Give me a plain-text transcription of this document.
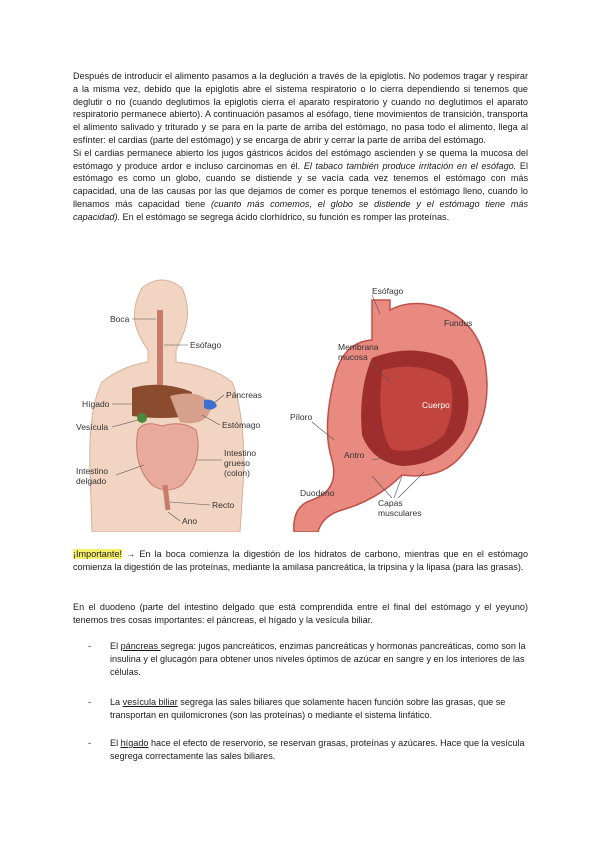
Después de introducir el alimento pasamos a la deglución a través de la epiglotis. No podemos tragar y respirar a la misma vez, debido que la epiglotis abre el sistema respiratorio o lo cierra dependiendo si tenemos que deglutir o no (cuando deglutimos la epiglotis cierra el aparato respiratorio y cuando no deglutimos el aparato respiratorio permanece abierto). A continuación pasamos al esófago, tiene movimientos de transición, transporta el alimento salivado y triturado y se para en la parte de arriba del estómago, no pasa todo el alimento, llega al esfínter: el cardias (parte del estómago) y se encarga de abrir y cerrar la parte de arriba del estómago.
Si el cardias permanece abierto los jugos gástricos ácidos del estómago ascienden y se quema la mucosa del estómago y produce ardor e incluso carcinomas en él. El tabaco también produce irritación en el esófago. El estómago es como un globo, cuando se distiende y se vacía cada vez tenemos el estómago con más capacidad, una de las causas por las que dejamos de comer es porque tenemos el estómago lleno, cuando lo llenamos más capacidad tiene (cuanto más comemos, el globo se distiende y el estómago tiene más capacidad). En el estómago se segrega ácido clorhídrico, su función es romper las proteínas.

Boca
Esófago
Hígado
Páncreas
Vesícula	Estómago
Intestino
grueso
(colon)
Intestino
delgado
Recto
Ano
Esófago
Fundus
Membrana
mucosa
Cuerpo
Píloro
Antro
Duodeno
Capas
musculares

¡Importante! → En la boca comienza la digestión de los hidratos de carbono, mientras que en el estómago comienza la digestión de las proteínas, mediante la amilasa pancreática, la tripsina y la lipasa (para las grasas).

En el duodeno (parte del intestino delgado que está comprendida entre el final del estómago y el yeyuno) tenemos tres cosas importantes: el páncreas, el hígado y la vesícula biliar.

- El páncreas segrega: jugos pancreáticos, enzimas pancreáticas y hormonas pancreáticas, como son la insulina y el glucagón para obtener unos niveles óptimos de azúcar en sangre y en los interiores de las células.
- La vesícula biliar segrega las sales biliares que solamente hacen función sobre las grasas, que se transportan en quilomicrones (son las proteínas) o mediante el sistema linfático.
- El hígado hace el efecto de reservorio, se reservan grasas, proteínas y azúcares. Hace que la vesícula segrega correctamente las sales biliares.
